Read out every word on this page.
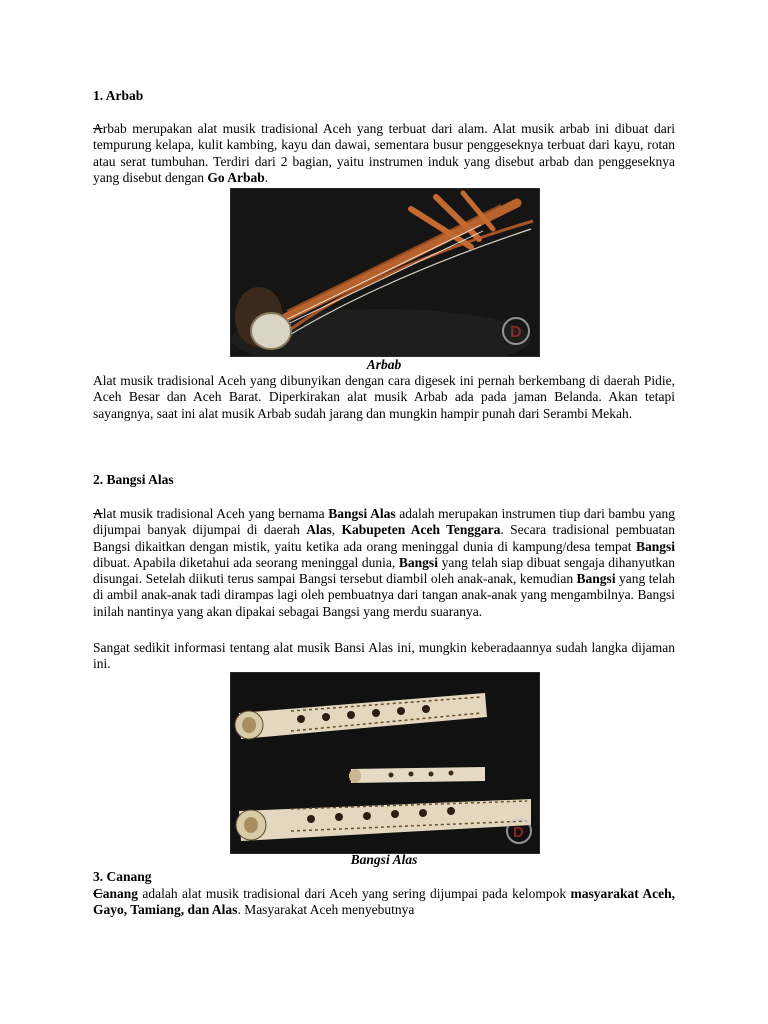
1. Arbab

Arbab merupakan alat musik tradisional Aceh yang terbuat dari alam. Alat musik arbab ini dibuat dari tempurung kelapa, kulit kambing, kayu dan dawai, sementara busur penggeseknya terbuat dari kayu, rotan atau serat tumbuhan. Terdiri dari 2 bagian, yaitu instrumen induk yang disebut arbab dan penggeseknya yang disebut dengan Go Arbab.

D

Arbab

Alat musik tradisional Aceh yang dibunyikan dengan cara digesek ini pernah berkembang di daerah Pidie, Aceh Besar dan Aceh Barat. Diperkirakan alat musik Arbab ada pada jaman Belanda. Akan tetapi sayangnya, saat ini alat musik Arbab sudah jarang dan mungkin hampir punah dari Serambi Mekah.

2. Bangsi Alas

Alat musik tradisional Aceh yang bernama Bangsi Alas adalah merupakan instrumen tiup dari bambu yang dijumpai banyak dijumpai di daerah Alas, Kabupeten Aceh Tenggara. Secara tradisional pembuatan Bangsi dikaitkan dengan mistik, yaitu ketika ada orang meninggal dunia di kampung/desa tempat Bangsi dibuat. Apabila diketahui ada seorang meninggal dunia, Bangsi yang telah siap dibuat sengaja dihanyutkan disungai. Setelah diikuti terus sampai Bangsi tersebut diambil oleh anak-anak, kemudian Bangsi yang telah di ambil anak-anak tadi dirampas lagi oleh pembuatnya dari tangan anak-anak yang mengambilnya. Bangsi inilah nantinya yang akan dipakai sebagai Bangsi yang merdu suaranya.

Sangat sedikit informasi tentang alat musik Bansi Alas ini, mungkin keberadaannya sudah langka dijaman ini.

D

Bangsi Alas

3. Canang

Canang adalah alat musik tradisional dari Aceh yang sering dijumpai pada kelompok masyarakat Aceh, Gayo, Tamiang, dan Alas. Masyarakat Aceh menyebutnya
